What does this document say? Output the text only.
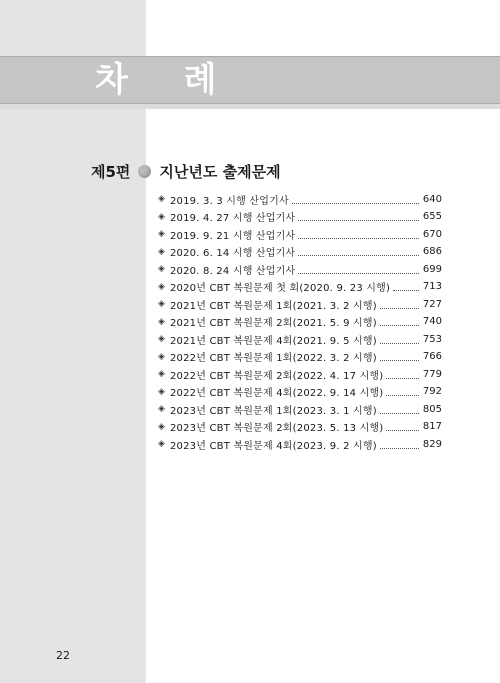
차 례
제5편 지난년도 출제문제
◈ 2019. 3. 3 시행 산업기사	640
◈ 2019. 4. 27 시행 산업기사	655
◈ 2019. 9. 21 시행 산업기사	670
◈ 2020. 6. 14 시행 산업기사	686
◈ 2020. 8. 24 시행 산업기사	699
◈ 2020년 CBT 복원문제 첫 회(2020. 9. 23 시행)	713
◈ 2021년 CBT 복원문제 1회(2021. 3. 2 시행)	727
◈ 2021년 CBT 복원문제 2회(2021. 5. 9 시행)	740
◈ 2021년 CBT 복원문제 4회(2021. 9. 5 시행)	753
◈ 2022년 CBT 복원문제 1회(2022. 3. 2 시행)	766
◈ 2022년 CBT 복원문제 2회(2022. 4. 17 시행)	779
◈ 2022년 CBT 복원문제 4회(2022. 9. 14 시행)	792
◈ 2023년 CBT 복원문제 1회(2023. 3. 1 시행)	805
◈ 2023년 CBT 복원문제 2회(2023. 5. 13 시행)	817
◈ 2023년 CBT 복원문제 4회(2023. 9. 2 시행)	829
22
